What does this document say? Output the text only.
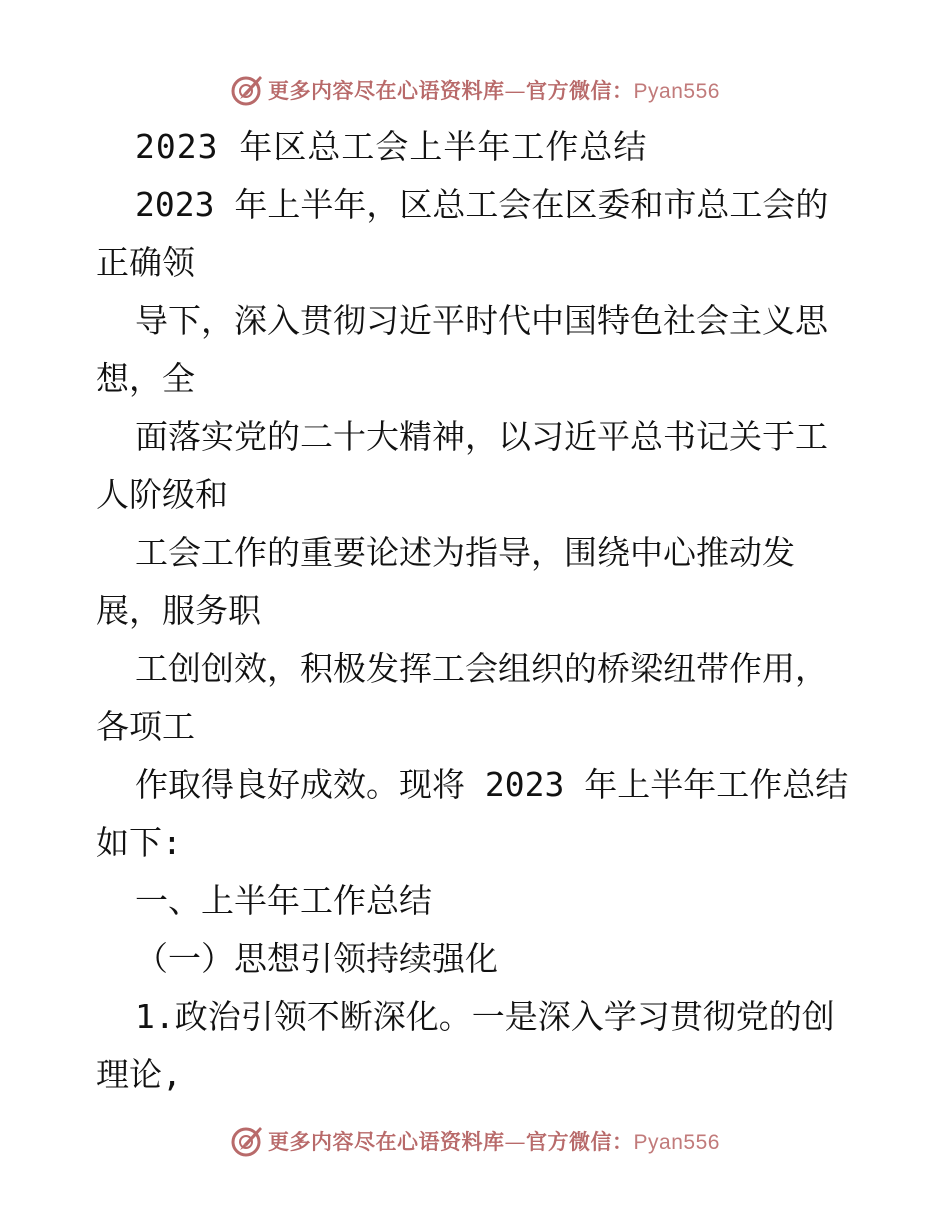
更多内容尽在心语资料库—官方微信：Pyan556
2023 年区总工会上半年工作总结
2023 年上半年，区总工会在区委和市总工会的
正确领
导下，深入贯彻习近平时代中国特色社会主义思
想，全
面落实党的二十大精神，以习近平总书记关于工
人阶级和
工会工作的重要论述为指导，围绕中心推动发
展，服务职
工创创效，积极发挥工会组织的桥梁纽带作用，
各项工
作取得良好成效。现将 2023 年上半年工作总结
如下:
一、上半年工作总结
（一）思想引领持续强化
1.政治引领不断深化。一是深入学习贯彻党的创
理论,
更多内容尽在心语资料库—官方微信：Pyan556
